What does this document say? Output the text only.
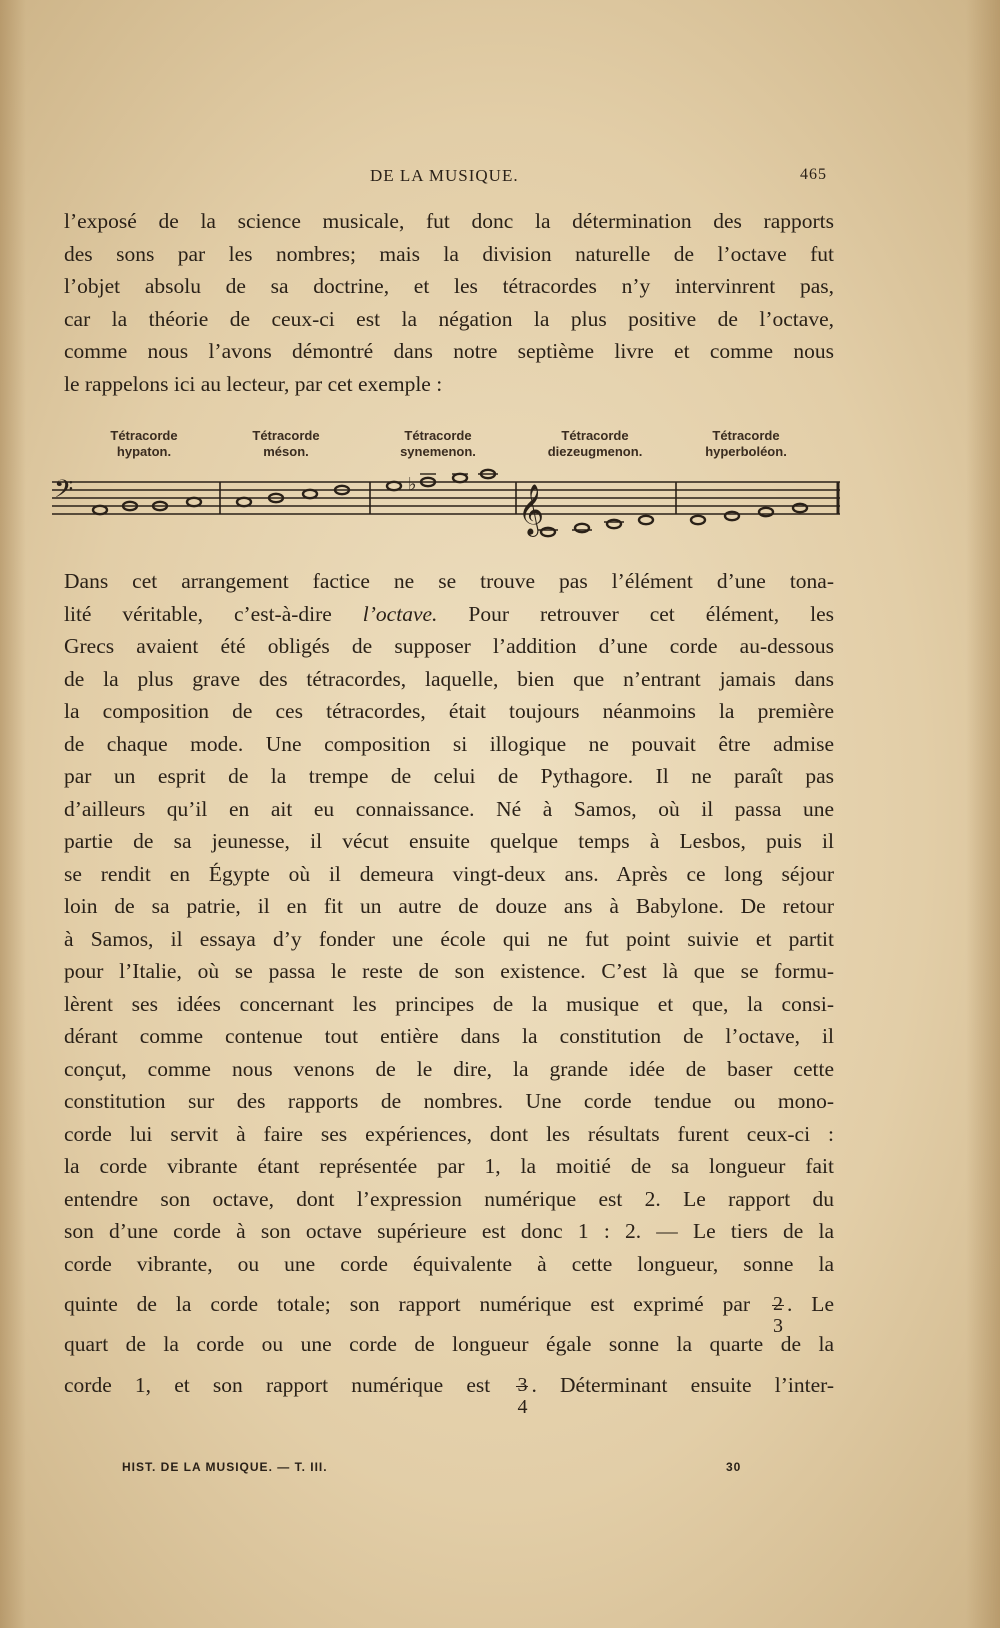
DE LA MUSIQUE.	465
l’exposé de la science musicale, fut donc la détermination des rapports
des sons par les nombres; mais la division naturelle de l’octave fut
l’objet absolu de sa doctrine, et les tétracordes n’y intervinrent pas,
car la théorie de ceux-ci est la négation la plus positive de l’octave,
comme nous l’avons démontré dans notre septième livre et comme nous
le rappelons ici au lecteur, par cet exemple :
Tétracorde
hypaton.
Tétracorde
méson.
Tétracorde
synemenon.
Tétracorde
diezeugmenon.
Tétracorde
hyperboléon.
𝄢	𝄞
♭
Dans cet arrangement factice ne se trouve pas l’élément d’une tona-
lité véritable, c’est-à-dire l’octave. Pour retrouver cet élément, les
Grecs avaient été obligés de supposer l’addition d’une corde au-dessous
de la plus grave des tétracordes, laquelle, bien que n’entrant jamais dans
la composition de ces tétracordes, était toujours néanmoins la première
de chaque mode. Une composition si illogique ne pouvait être admise
par un esprit de la trempe de celui de Pythagore. Il ne paraît pas
d’ailleurs qu’il en ait eu connaissance. Né à Samos, où il passa une
partie de sa jeunesse, il vécut ensuite quelque temps à Lesbos, puis il
se rendit en Égypte où il demeura vingt-deux ans. Après ce long séjour
loin de sa patrie, il en fit un autre de douze ans à Babylone. De retour
à Samos, il essaya d’y fonder une école qui ne fut point suivie et partit
pour l’Italie, où se passa le reste de son existence. C’est là que se formu-
lèrent ses idées concernant les principes de la musique et que, la consi-
dérant comme contenue tout entière dans la constitution de l’octave, il
conçut, comme nous venons de le dire, la grande idée de baser cette
constitution sur des rapports de nombres. Une corde tendue ou mono-
corde lui servit à faire ses expériences, dont les résultats furent ceux-ci :
la corde vibrante étant représentée par 1, la moitié de sa longueur fait
entendre son octave, dont l’expression numérique est 2. Le rapport du
son d’une corde à son octave supérieure est donc 1 : 2. — Le tiers de la
corde vibrante, ou une corde équivalente à cette longueur, sonne la
quinte de la corde totale; son rapport numérique est exprimé par 2
3
. Le
quart de la corde ou une corde de longueur égale sonne la quarte de la
corde 1, et son rapport numérique est 3
4
. Déterminant ensuite l’inter-
HIST. DE LA MUSIQUE. — T. III.	30
